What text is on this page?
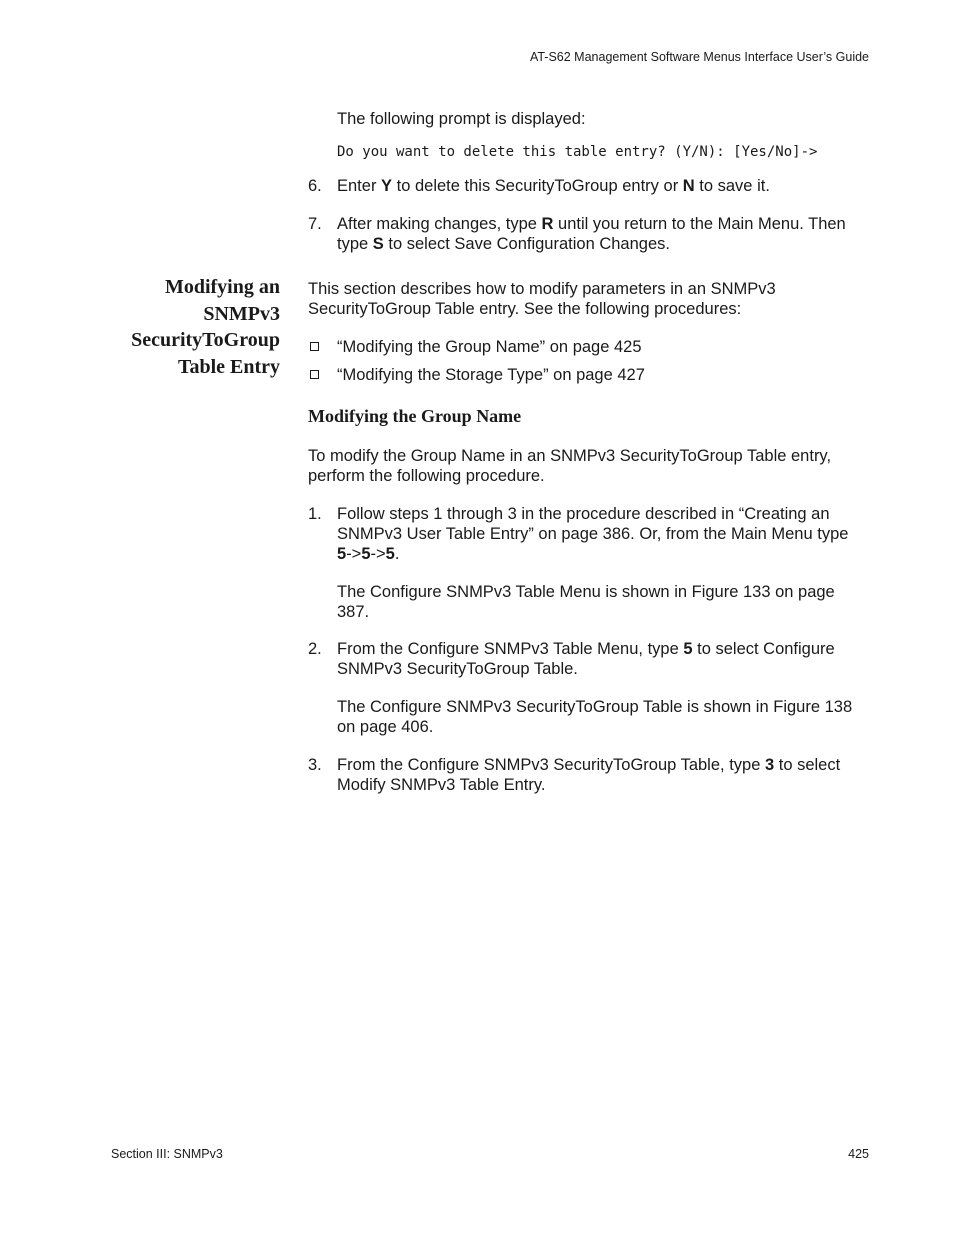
AT-S62 Management Software Menus Interface User’s Guide
The following prompt is displayed:
Do you want to delete this table entry? (Y/N): [Yes/No]->
6. Enter Y to delete this SecurityToGroup entry or N to save it.
7. After making changes, type R until you return to the Main Menu. Then
type S to select Save Configuration Changes.
Modifying an
SNMPv3
SecurityToGroup
Table Entry
This section describes how to modify parameters in an SNMPv3
SecurityToGroup Table entry. See the following procedures:
“Modifying the Group Name” on page 425
“Modifying the Storage Type” on page 427
Modifying the Group Name
To modify the Group Name in an SNMPv3 SecurityToGroup Table entry,
perform the following procedure.
1. Follow steps 1 through 3 in the procedure described in “Creating an
SNMPv3 User Table Entry” on page 386. Or, from the Main Menu type
5->5->5.
The Configure SNMPv3 Table Menu is shown in Figure 133 on page
387.
2. From the Configure SNMPv3 Table Menu, type 5 to select Configure
SNMPv3 SecurityToGroup Table.
The Configure SNMPv3 SecurityToGroup Table is shown in Figure 138
on page 406.
3. From the Configure SNMPv3 SecurityToGroup Table, type 3 to select
Modify SNMPv3 Table Entry.
Section III: SNMPv3	425
